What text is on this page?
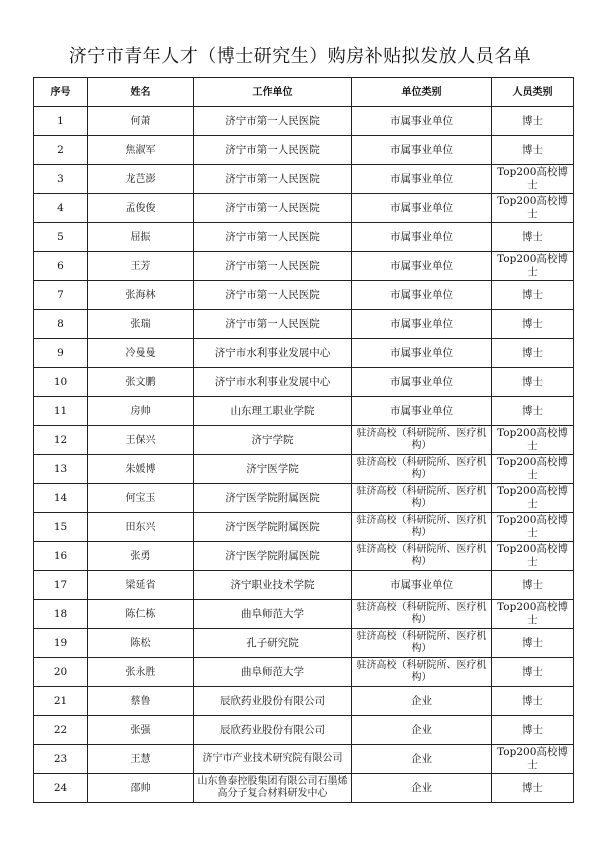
济宁市青年人才（博士研究生）购房补贴拟发放人员名单
序号	姓名	工作单位	单位类别	人员类别
1	何萧	济宁市第一人民医院	市属事业单位	博士
2	焦淑军	济宁市第一人民医院	市属事业单位	博士
3	龙芑澎	济宁市第一人民医院	市属事业单位	Top200高校博士
4	孟俊俊	济宁市第一人民医院	市属事业单位	Top200高校博士
5	屈振	济宁市第一人民医院	市属事业单位	博士
6	王芳	济宁市第一人民医院	市属事业单位	Top200高校博士
7	张海林	济宁市第一人民医院	市属事业单位	博士
8	张瑞	济宁市第一人民医院	市属事业单位	博士
9	冷曼曼	济宁市水利事业发展中心	市属事业单位	博士
10	张文鹏	济宁市水利事业发展中心	市属事业单位	博士
11	房帅	山东理工职业学院	市属事业单位	博士
12	王保兴	济宁学院	驻济高校（科研院所、医疗机构）	Top200高校博士
13	朱媛博	济宁医学院	驻济高校（科研院所、医疗机构）	Top200高校博士
14	何宝玉	济宁医学院附属医院	驻济高校（科研院所、医疗机构）	Top200高校博士
15	田东兴	济宁医学院附属医院	驻济高校（科研院所、医疗机构）	Top200高校博士
16	张勇	济宁医学院附属医院	驻济高校（科研院所、医疗机构）	Top200高校博士
17	梁延省	济宁职业技术学院	市属事业单位	博士
18	陈仁栋	曲阜师范大学	驻济高校（科研院所、医疗机构）	Top200高校博士
19	陈松	孔子研究院	驻济高校（科研院所、医疗机构）	博士
20	张永胜	曲阜师范大学	驻济高校（科研院所、医疗机构）	博士
21	蔡鲁	辰欣药业股份有限公司	企业	博士
22	张强	辰欣药业股份有限公司	企业	博士
23	王慧	济宁市产业技术研究院有限公司	企业	Top200高校博士
24	邵帅	山东鲁泰控股集团有限公司石墨烯高分子复合材料研发中心	企业	博士
